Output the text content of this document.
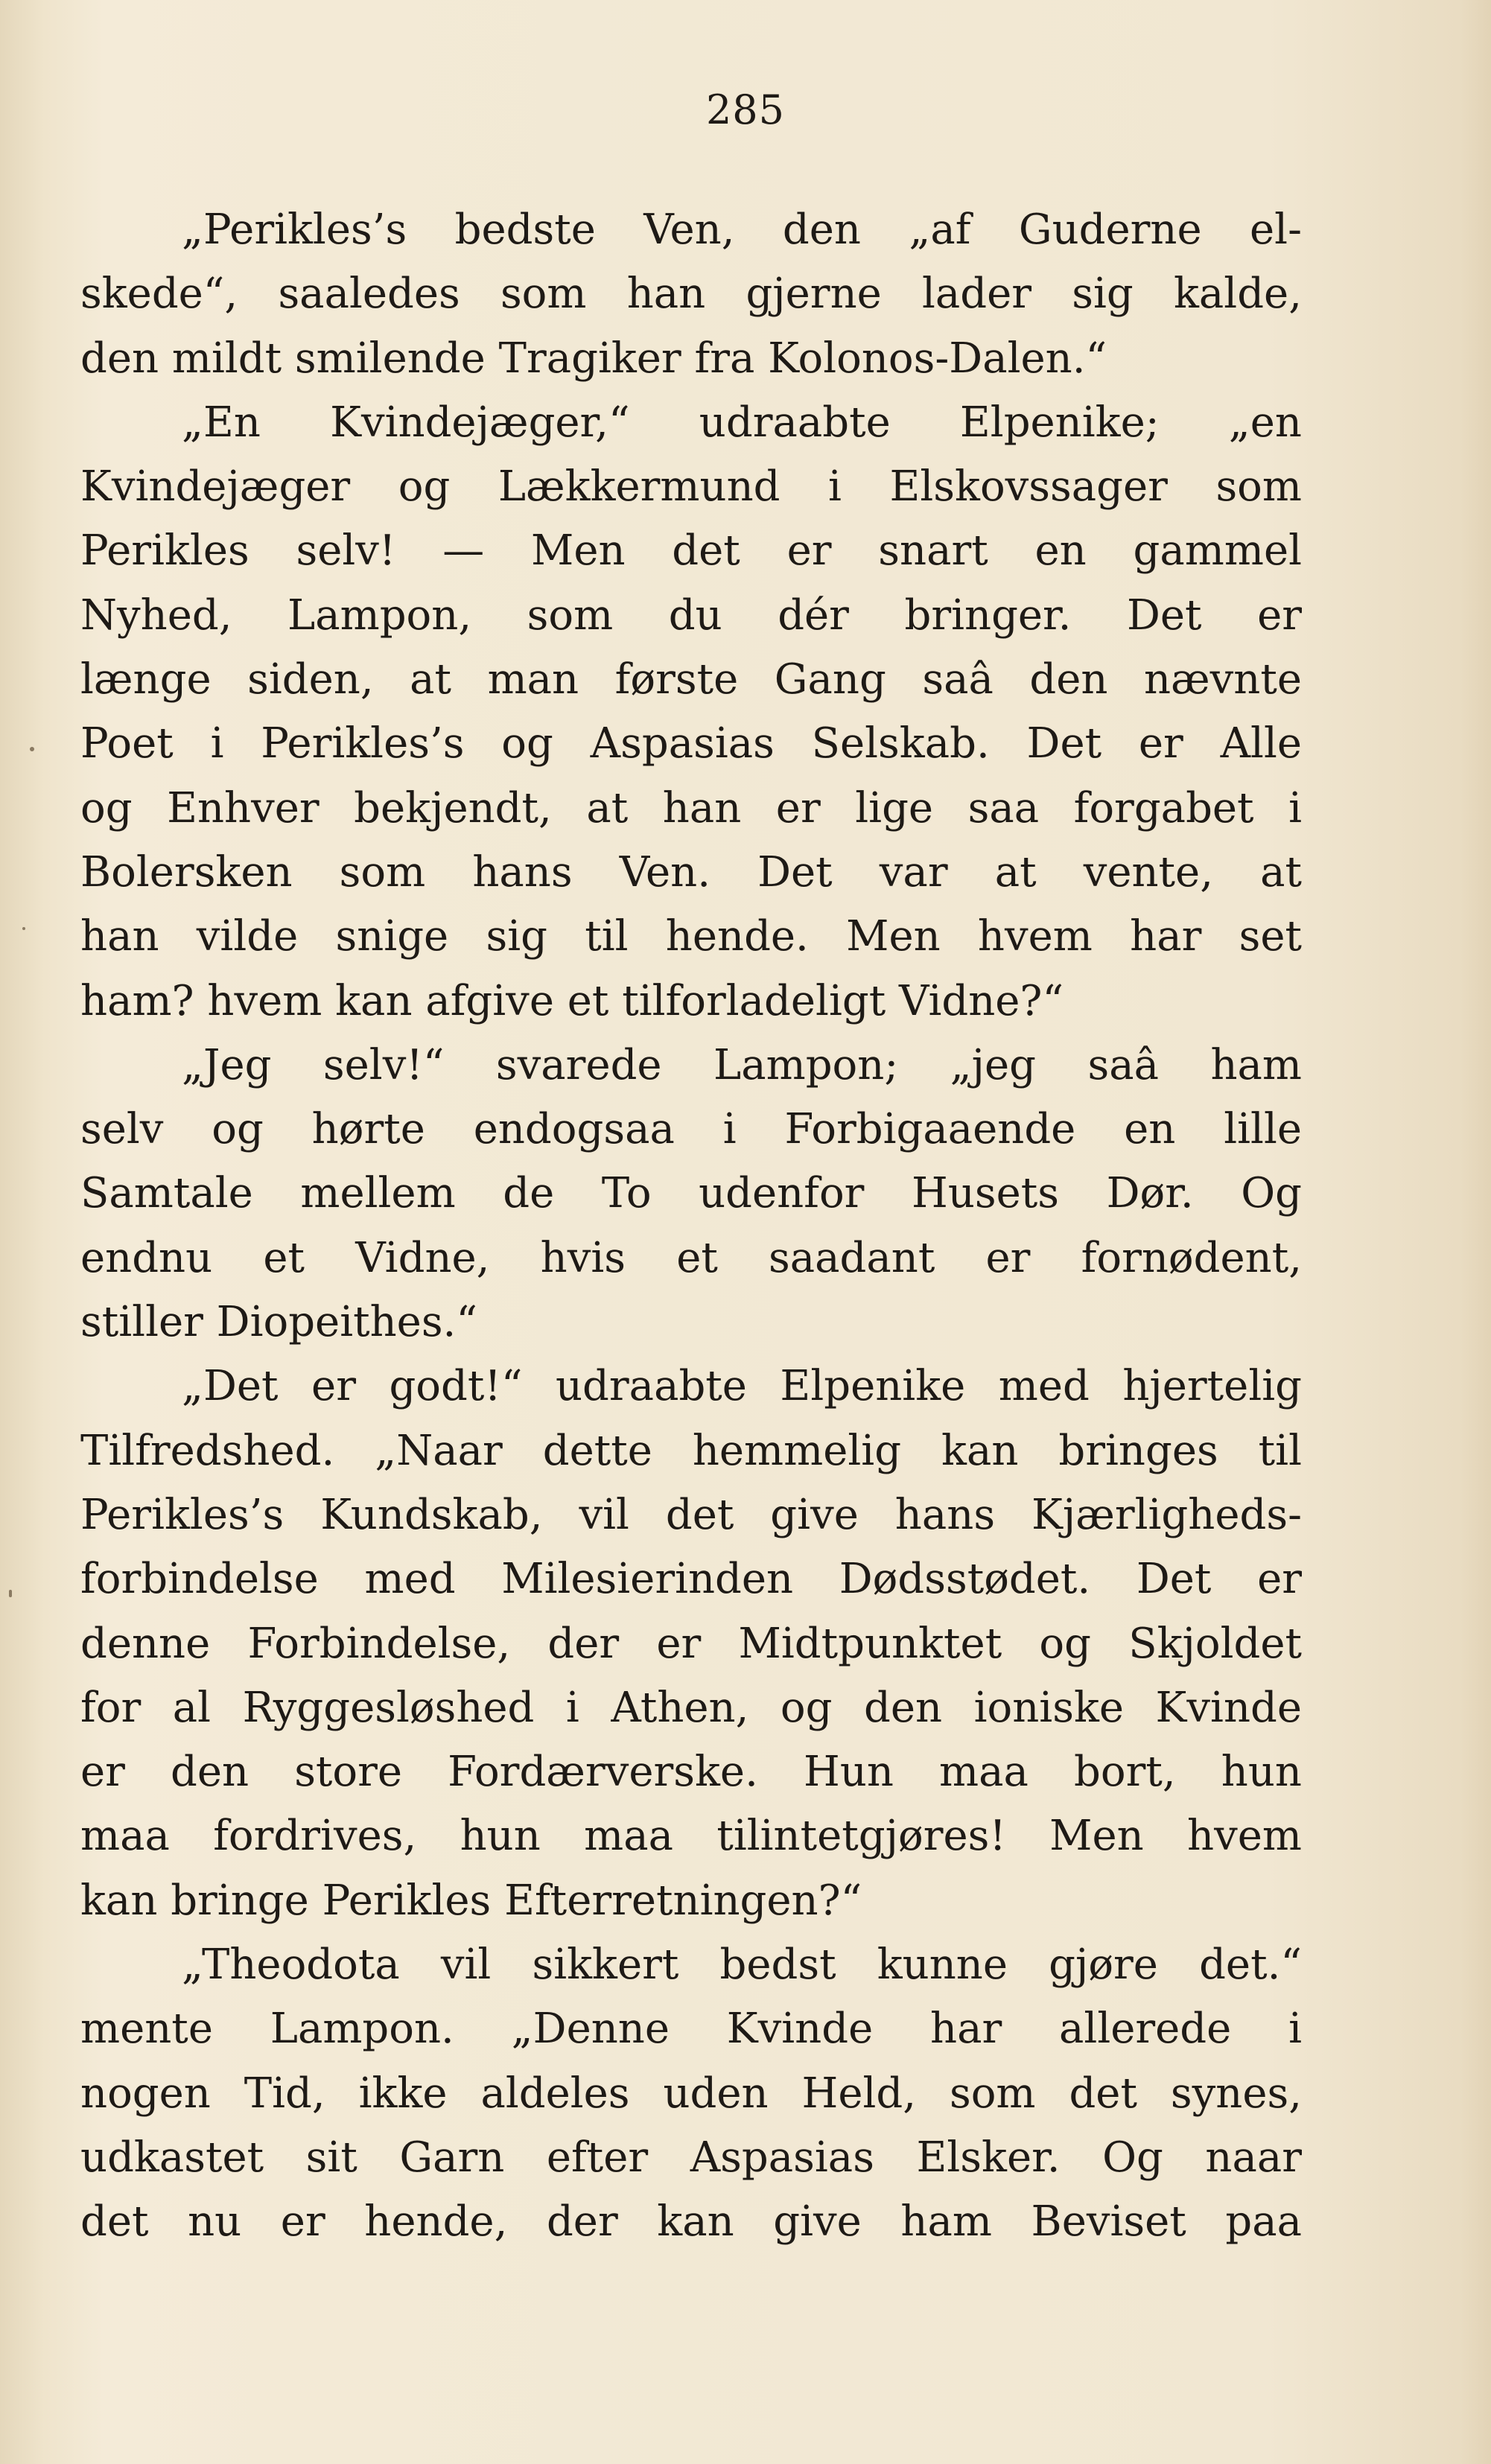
285
„Perikles’s bedste Ven, den „af Guderne el-
skede“, saaledes som han gjerne lader sig kalde,
den mildt smilende Tragiker fra Kolonos-Dalen.“
„En Kvindejæger,“ udraabte Elpenike; „en
Kvindejæger og Lækkermund i Elskovssager som
Perikles selv! — Men det er snart en gammel
Nyhed, Lampon, som du dér bringer. Det er
længe siden, at man første Gang saâ den nævnte
Poet i Perikles’s og Aspasias Selskab. Det er Alle
og Enhver bekjendt, at han er lige saa forgabet i
Bolersken som hans Ven. Det var at vente, at
han vilde snige sig til hende. Men hvem har set
ham? hvem kan afgive et tilforladeligt Vidne?“
„Jeg selv!“ svarede Lampon; „jeg saâ ham
selv og hørte endogsaa i Forbigaaende en lille
Samtale mellem de To udenfor Husets Dør. Og
endnu et Vidne, hvis et saadant er fornødent,
stiller Diopeithes.“
„Det er godt!“ udraabte Elpenike med hjertelig
Tilfredshed. „Naar dette hemmelig kan bringes til
Perikles’s Kundskab, vil det give hans Kjærligheds-
forbindelse med Milesierinden Dødsstødet. Det er
denne Forbindelse, der er Midtpunktet og Skjoldet
for al Ryggesløshed i Athen, og den ioniske Kvinde
er den store Fordærverske. Hun maa bort, hun
maa fordrives, hun maa tilintetgjøres! Men hvem
kan bringe Perikles Efterretningen?“
„Theodota vil sikkert bedst kunne gjøre det.“
mente Lampon. „Denne Kvinde har allerede i
nogen Tid, ikke aldeles uden Held, som det synes,
udkastet sit Garn efter Aspasias Elsker. Og naar
det nu er hende, der kan give ham Beviset paa
